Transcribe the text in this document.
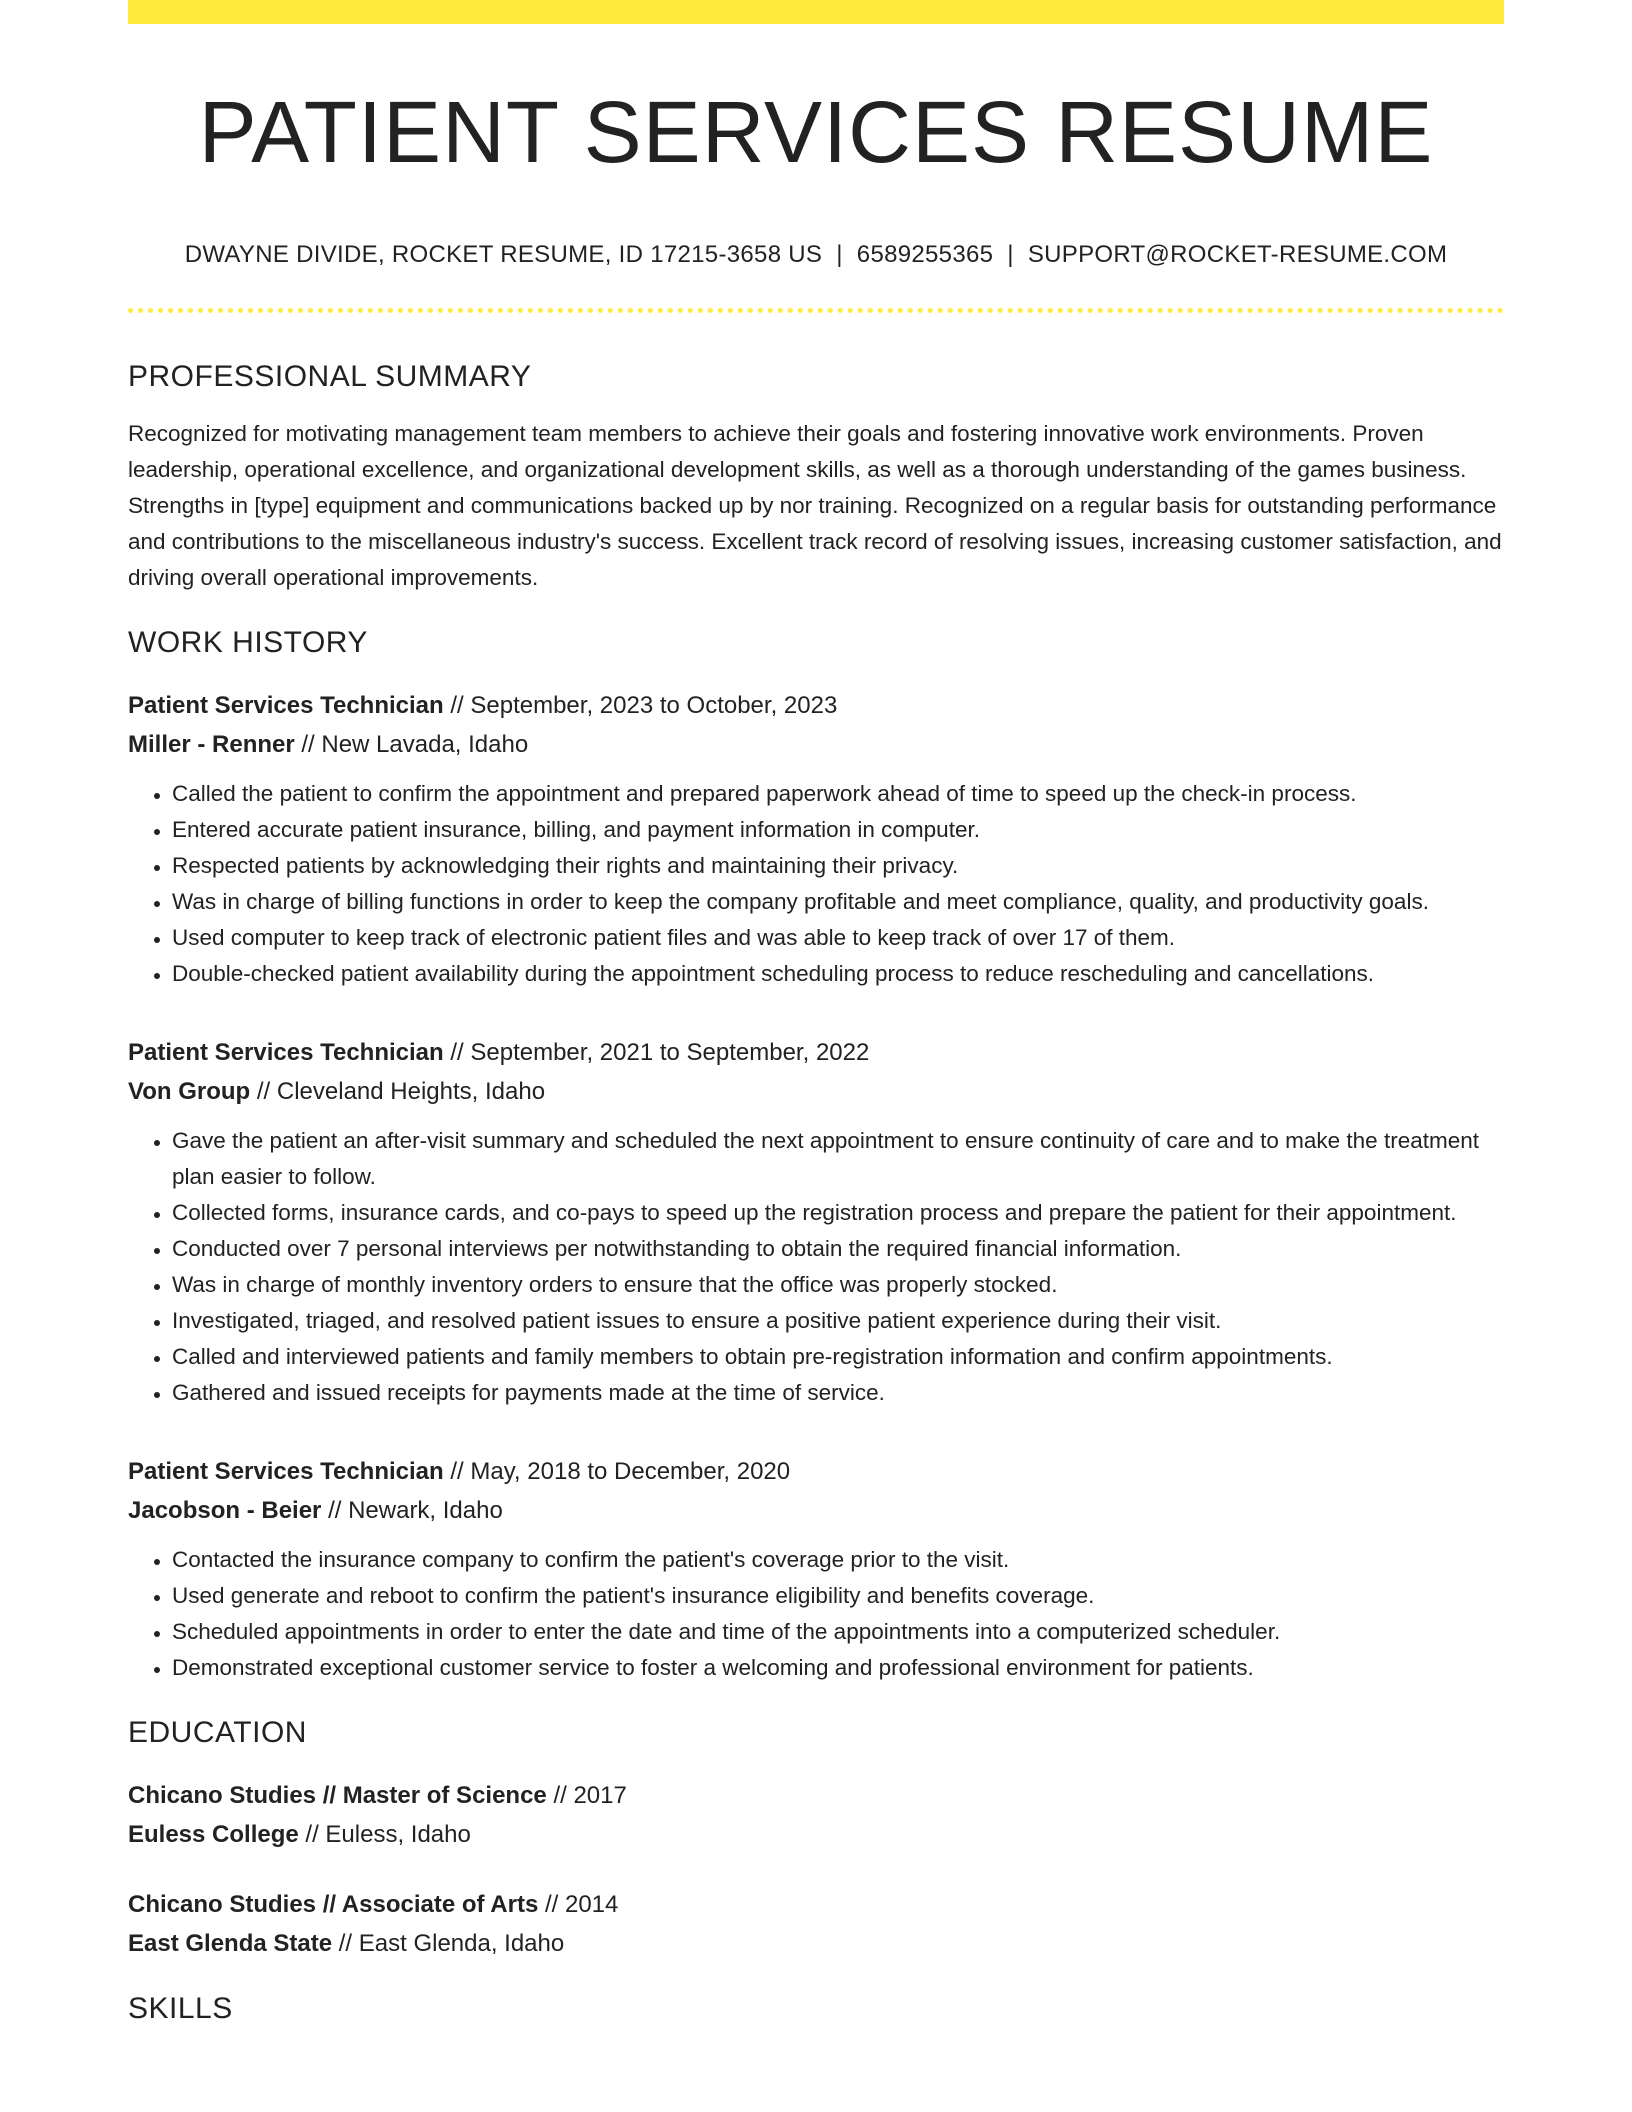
PATIENT SERVICES RESUME
DWAYNE DIVIDE, ROCKET RESUME, ID 17215-3658 US | 6589255365 | SUPPORT@ROCKET-RESUME.COM
PROFESSIONAL SUMMARY

Recognized for motivating management team members to achieve their goals and fostering innovative work environments. Proven leadership, operational excellence, and organizational development skills, as well as a thorough understanding of the games business. Strengths in [type] equipment and communications backed up by nor training. Recognized on a regular basis for outstanding performance and contributions to the miscellaneous industry's success. Excellent track record of resolving issues, increasing customer satisfaction, and driving overall operational improvements.

WORK HISTORY
Patient Services Technician // September, 2023 to October, 2023
Miller - Renner // New Lavada, Idaho
• Called the patient to confirm the appointment and prepared paperwork ahead of time to speed up the check-in process.
• Entered accurate patient insurance, billing, and payment information in computer.
• Respected patients by acknowledging their rights and maintaining their privacy.
• Was in charge of billing functions in order to keep the company profitable and meet compliance, quality, and productivity goals.
• Used computer to keep track of electronic patient files and was able to keep track of over 17 of them.
• Double-checked patient availability during the appointment scheduling process to reduce rescheduling and cancellations.
Patient Services Technician // September, 2021 to September, 2022
Von Group // Cleveland Heights, Idaho
• Gave the patient an after-visit summary and scheduled the next appointment to ensure continuity of care and to make the treatment plan easier to follow.
• Collected forms, insurance cards, and co-pays to speed up the registration process and prepare the patient for their appointment.
• Conducted over 7 personal interviews per notwithstanding to obtain the required financial information.
• Was in charge of monthly inventory orders to ensure that the office was properly stocked.
• Investigated, triaged, and resolved patient issues to ensure a positive patient experience during their visit.
• Called and interviewed patients and family members to obtain pre-registration information and confirm appointments.
• Gathered and issued receipts for payments made at the time of service.
Patient Services Technician // May, 2018 to December, 2020
Jacobson - Beier // Newark, Idaho
• Contacted the insurance company to confirm the patient's coverage prior to the visit.
• Used generate and reboot to confirm the patient's insurance eligibility and benefits coverage.
• Scheduled appointments in order to enter the date and time of the appointments into a computerized scheduler.
• Demonstrated exceptional customer service to foster a welcoming and professional environment for patients.
EDUCATION
Chicano Studies // Master of Science // 2017
Euless College // Euless, Idaho
Chicano Studies // Associate of Arts // 2014
East Glenda State // East Glenda, Idaho
SKILLS
